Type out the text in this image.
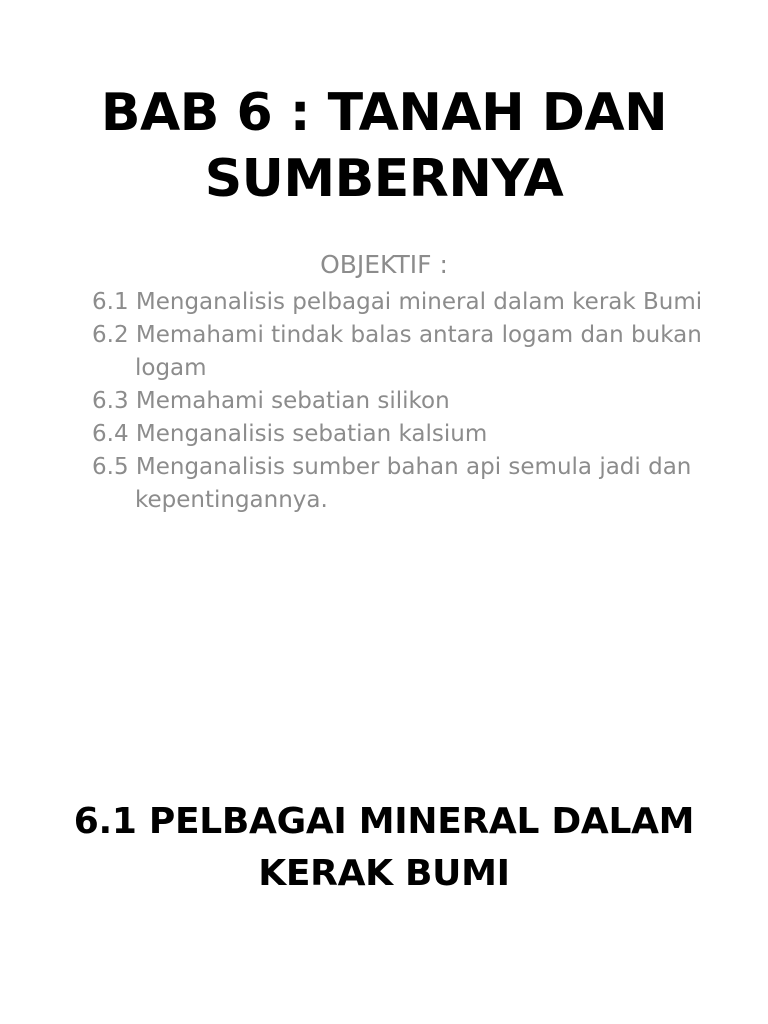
BAB 6 : TANAH DAN
SUMBERNYA
OBJEKTIF :
6.1 Menganalisis pelbagai mineral dalam kerak Bumi
6.2 Memahami tindak balas antara logam dan bukan logam
6.3 Memahami sebatian silikon
6.4 Menganalisis sebatian kalsium
6.5 Menganalisis sumber bahan api semula jadi dan kepentingannya.
6.1 PELBAGAI MINERAL DALAM
KERAK BUMI
